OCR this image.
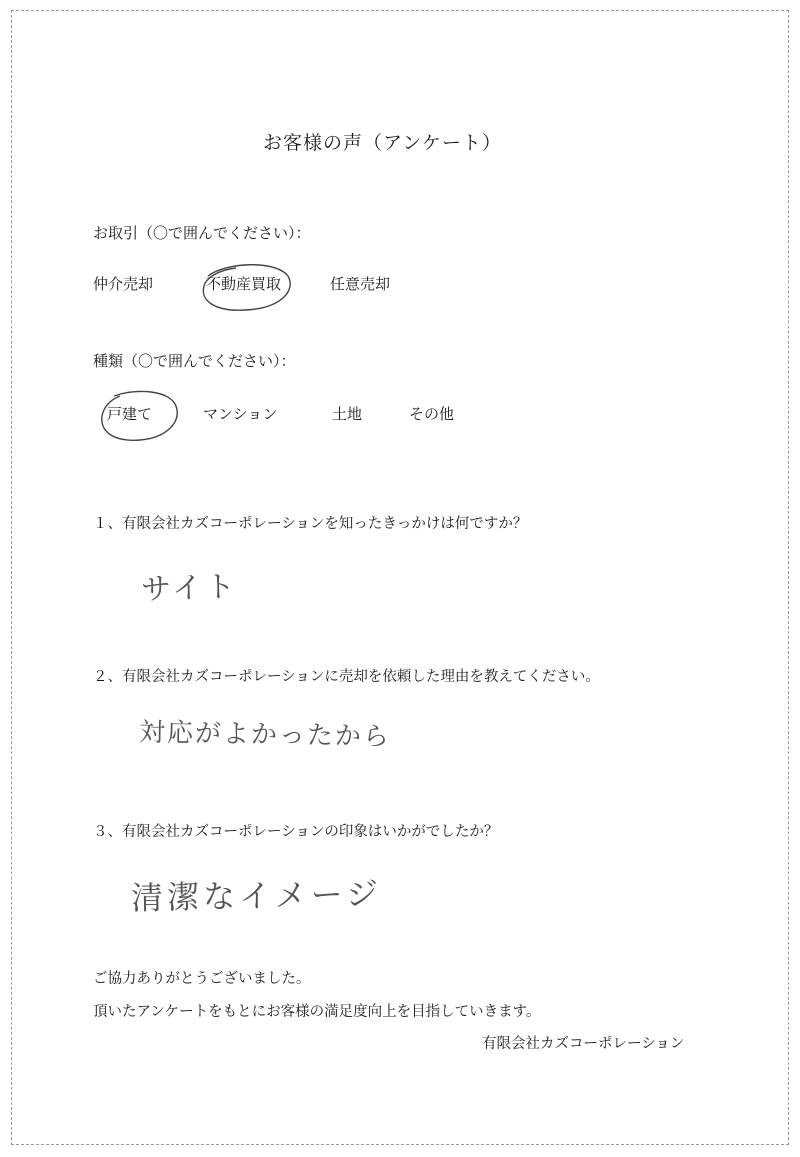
お客様の声（アンケート）
お取引（〇で囲んでください）：
仲介売却	不動産買取	任意売却
種類（〇で囲んでください）：
戸建て	マンション	土地	その他
１、有限会社カズコーポレーションを知ったきっかけは何ですか？
サイト
２、有限会社カズコーポレーションに売却を依頼した理由を教えてください。
対応がよかったから
３、有限会社カズコーポレーションの印象はいかがでしたか？
清潔なイメージ
ご協力ありがとうございました。
頂いたアンケートをもとにお客様の満足度向上を目指していきます。
有限会社カズコーポレーション
